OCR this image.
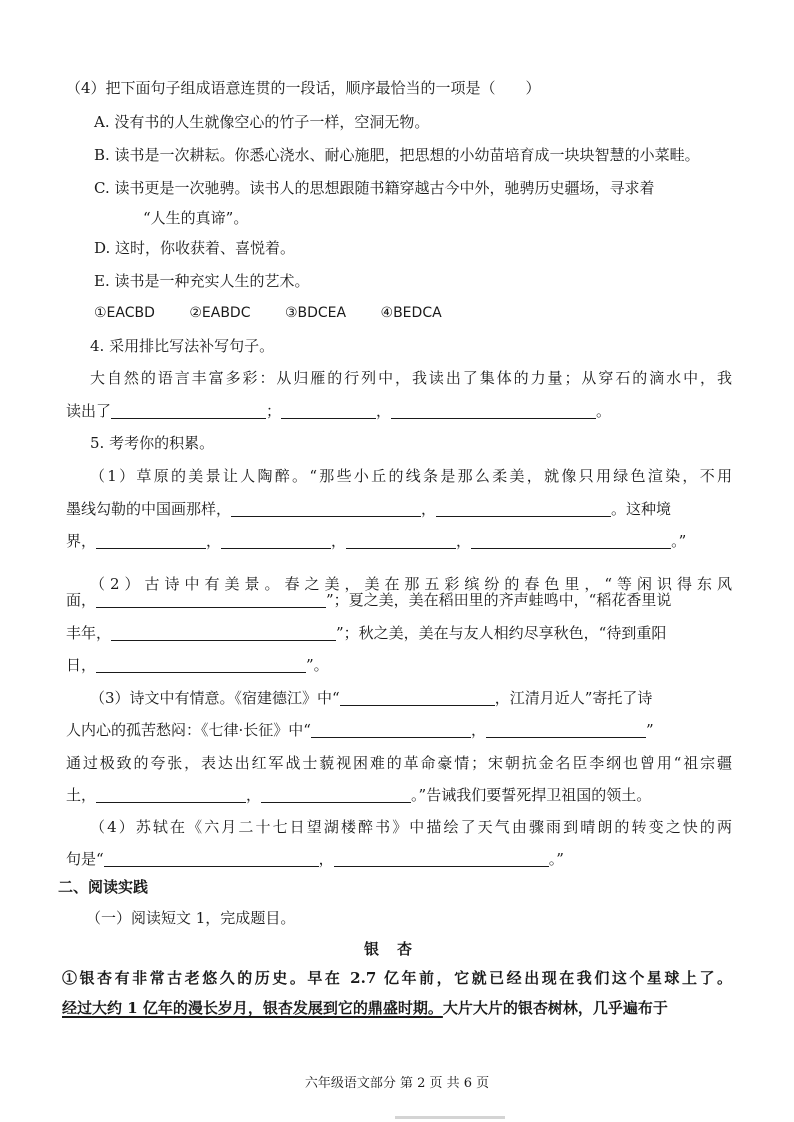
（4）把下面句子组成语意连贯的一段话，顺序最恰当的一项是（　　）
A. 没有书的人生就像空心的竹子一样，空洞无物。
B. 读书是一次耕耘。你悉心浇水、耐心施肥，把思想的小幼苗培育成一块块智慧的小菜畦。
C. 读书更是一次驰骋。读书人的思想跟随书籍穿越古今中外，驰骋历史疆场，寻求着
“人生的真谛”。
D. 这时，你收获着、喜悦着。
E. 读书是一种充实人生的艺术。
①EACBD ②EABDC ③BDCEA ④BEDCA
4. 采用排比写法补写句子。
大自然的语言丰富多彩：从归雁的行列中，我读出了集体的力量；从穿石的滴水中，我
读出了	；	，	。
5. 考考你的积累。
（1）草原的美景让人陶醉。“那些小丘的线条是那么柔美，就像只用绿色渲染，不用
墨线勾勒的中国画那样，	，	。这种境
界，	，	，	，	。”
（2）古诗中有美景。春之美，美在那五彩缤纷的春色里，“等闲识得东风
面，	”；夏之美，美在稻田里的齐声蛙鸣中，“稻花香里说
丰年，	”；秋之美，美在与友人相约尽享秋色，“待到重阳
日，	”。
（3）诗文中有情意。《宿建德江》中“	，江清月近人”寄托了诗
人内心的孤苦愁闷：《七律·长征》中“	，	”
通过极致的夸张，表达出红军战士藐视困难的革命豪情；宋朝抗金名臣李纲也曾用“祖宗疆
土，	，	。”告诫我们要誓死捍卫祖国的领土。
（4）苏轼在《六月二十七日望湖楼醉书》中描绘了天气由骤雨到晴朗的转变之快的两
句是“	，	。”
二、阅读实践
（一）阅读短文 1，完成题目。
银杏
①银杏有非常古老悠久的历史。早在 2.7 亿年前，它就已经出现在我们这个星球上了。
经过大约 1 亿年的漫长岁月，银杏发展到它的鼎盛时期。大片大片的银杏树林，几乎遍布于
六年级语文部分 第 2 页 共 6 页
